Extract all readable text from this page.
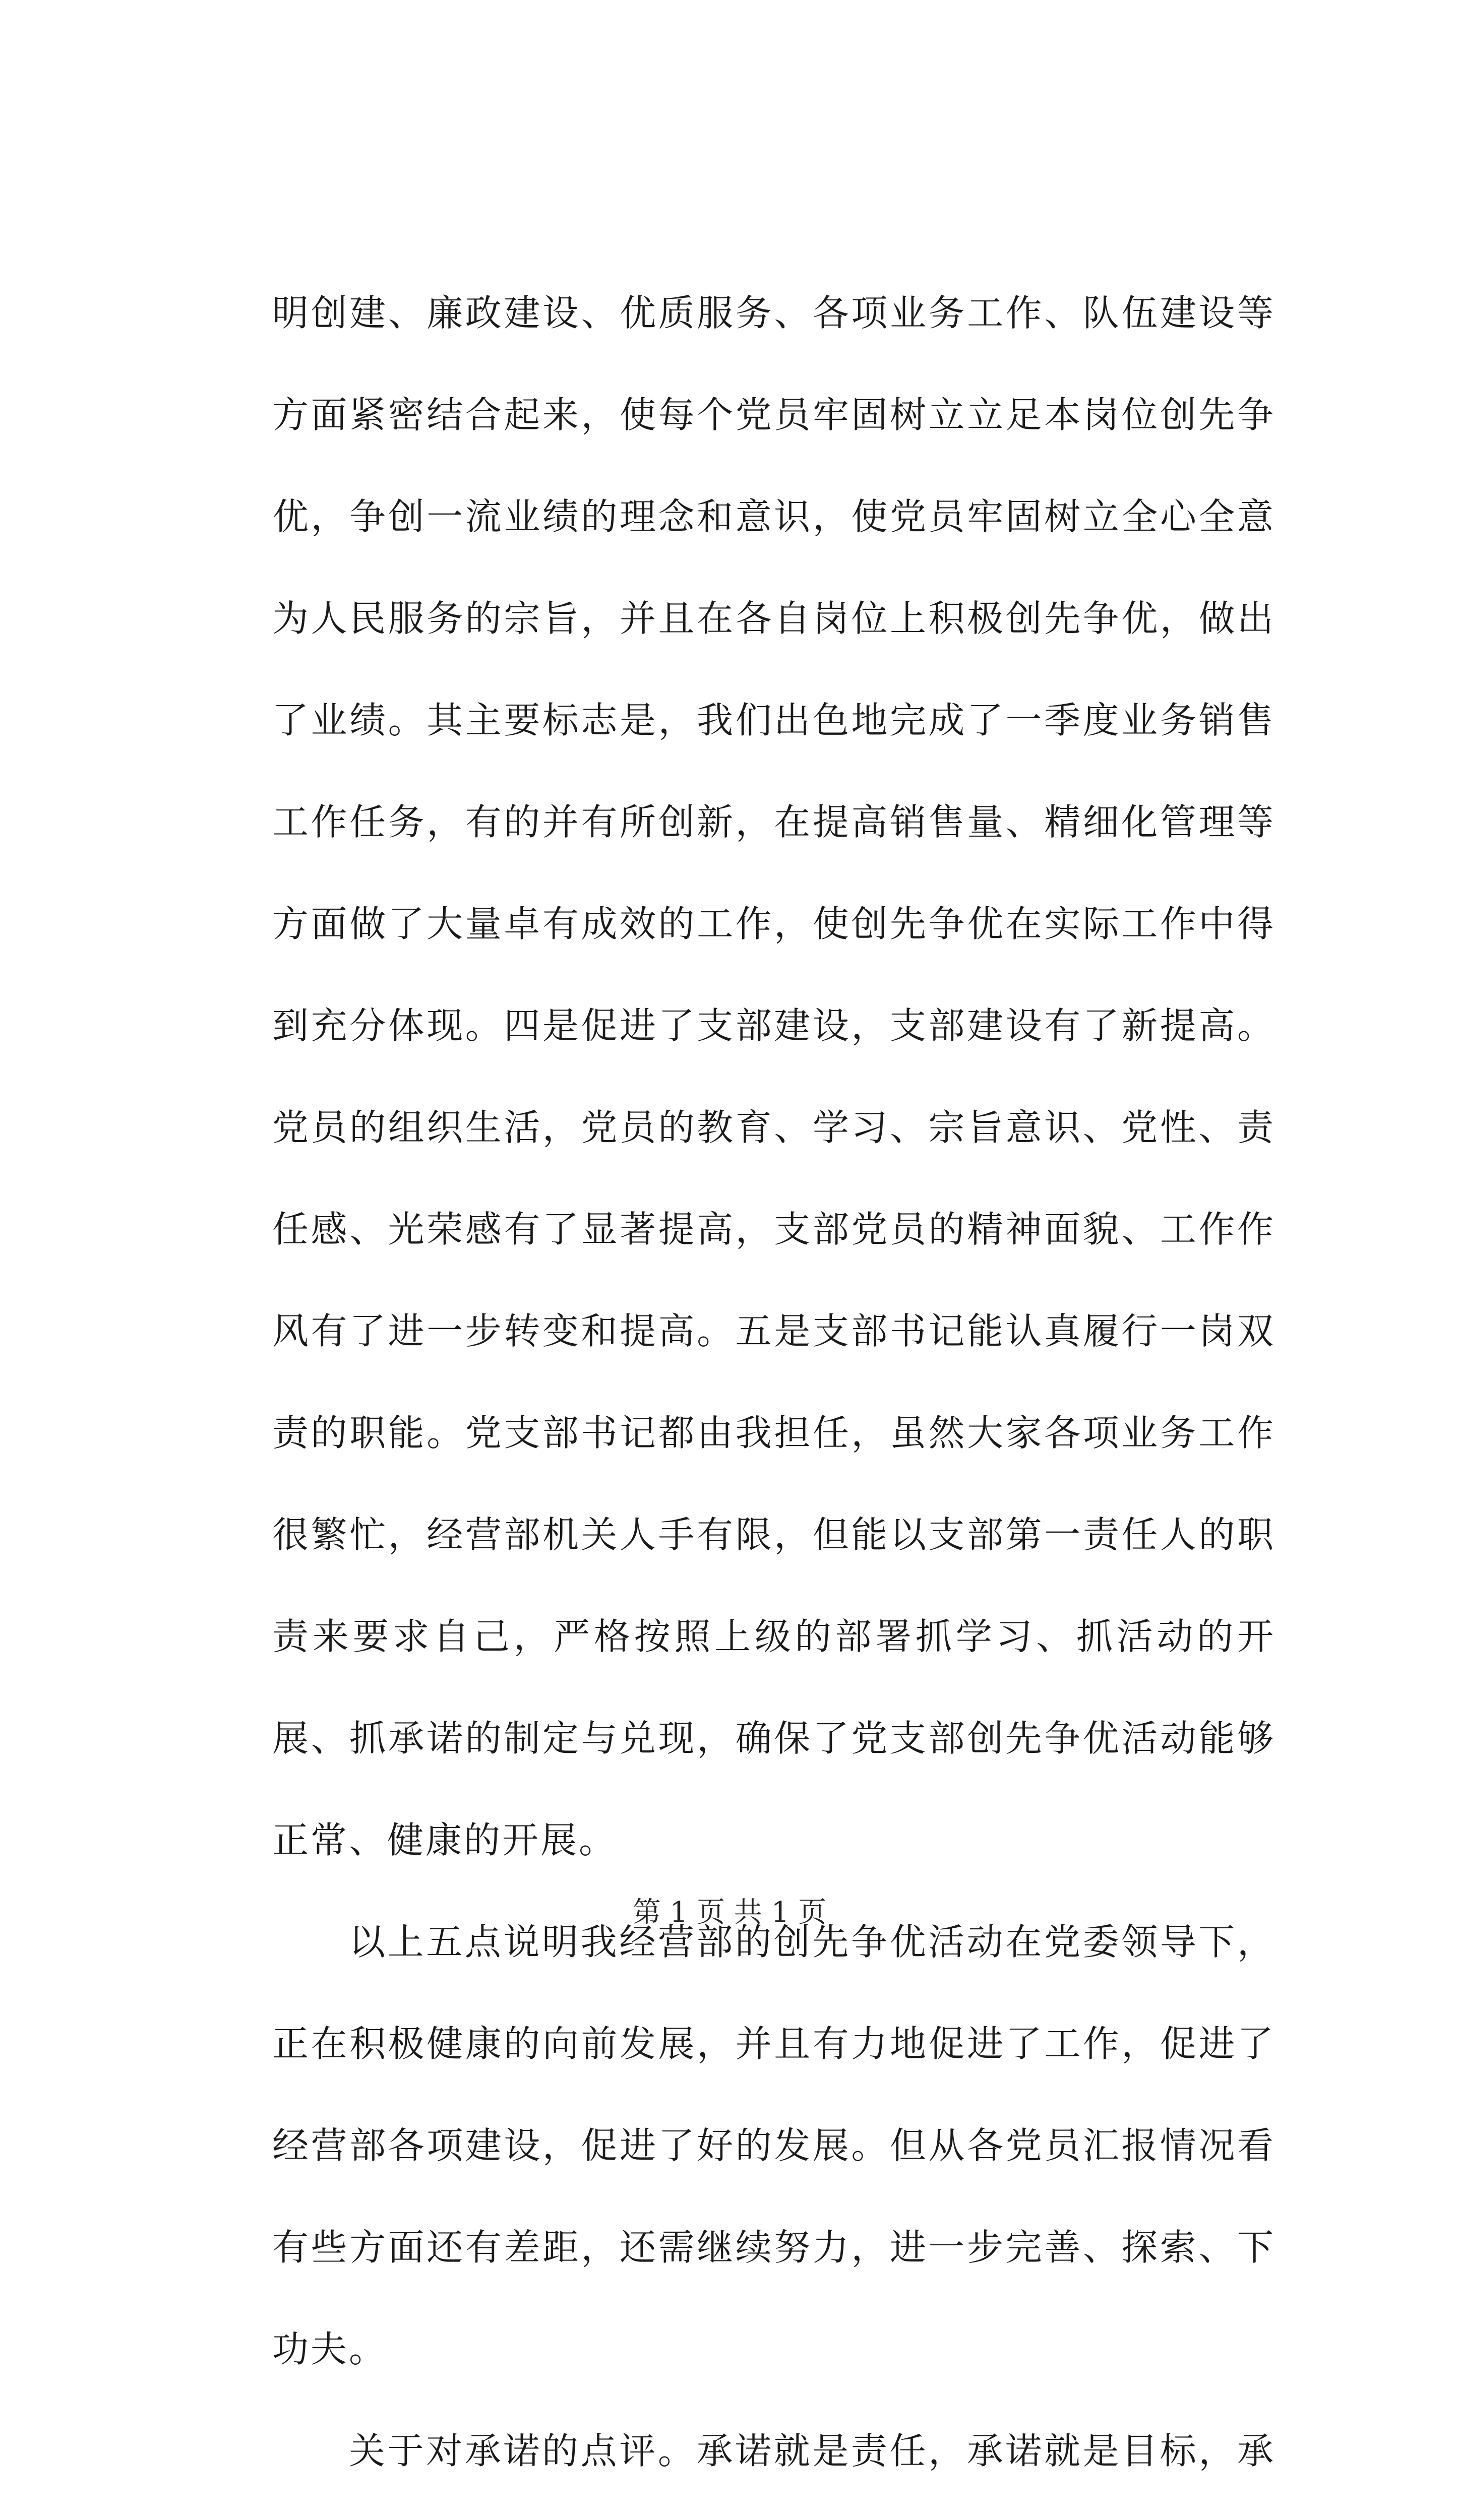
明创建、廉政建设、优质服务、各项业务工作、队伍建设等方面紧密结合起来，使每个党员牢固树立立足本岗位创先争优，争创一流业绩的理念和意识，使党员牢固树立全心全意为人民服务的宗旨，并且在各自岗位上积极创先争优，做出了业绩。其主要标志是，我们出色地完成了一季度业务销售工作任务，有的并有所创新，在提高销售量、精细化管理等方面做了大量卓有成效的工作，使创先争优在实际工作中得到充分体现。四是促进了支部建设，支部建设有了新提高。党员的组织生活，党员的教育、学习、宗旨意识、党性、责任感、光荣感有了显著提高，支部党员的精神面貌、工作作风有了进一步转变和提高。五是支部书记能认真履行一岗双责的职能。党支部书记都由我担任，虽然大家各项业务工作很繁忙，经营部机关人手有限，但能以支部第一责任人的职责来要求自己，严格按照上级的部署抓学习、抓活动的开展、抓承诺的制定与兑现，确保了党支部创先争优活动能够正常、健康的开展。

以上五点说明我经营部的创先争优活动在党委领导下，正在积极健康的向前发展，并且有力地促进了工作，促进了经营部各项建设，促进了好的发展。但从各党员汇报情况看有些方面还有差距，还需继续努力，进一步完善、探索、下功夫。

关于对承诺的点评。承诺就是责任，承诺就是目标，承

第 1 页 共 1 页
